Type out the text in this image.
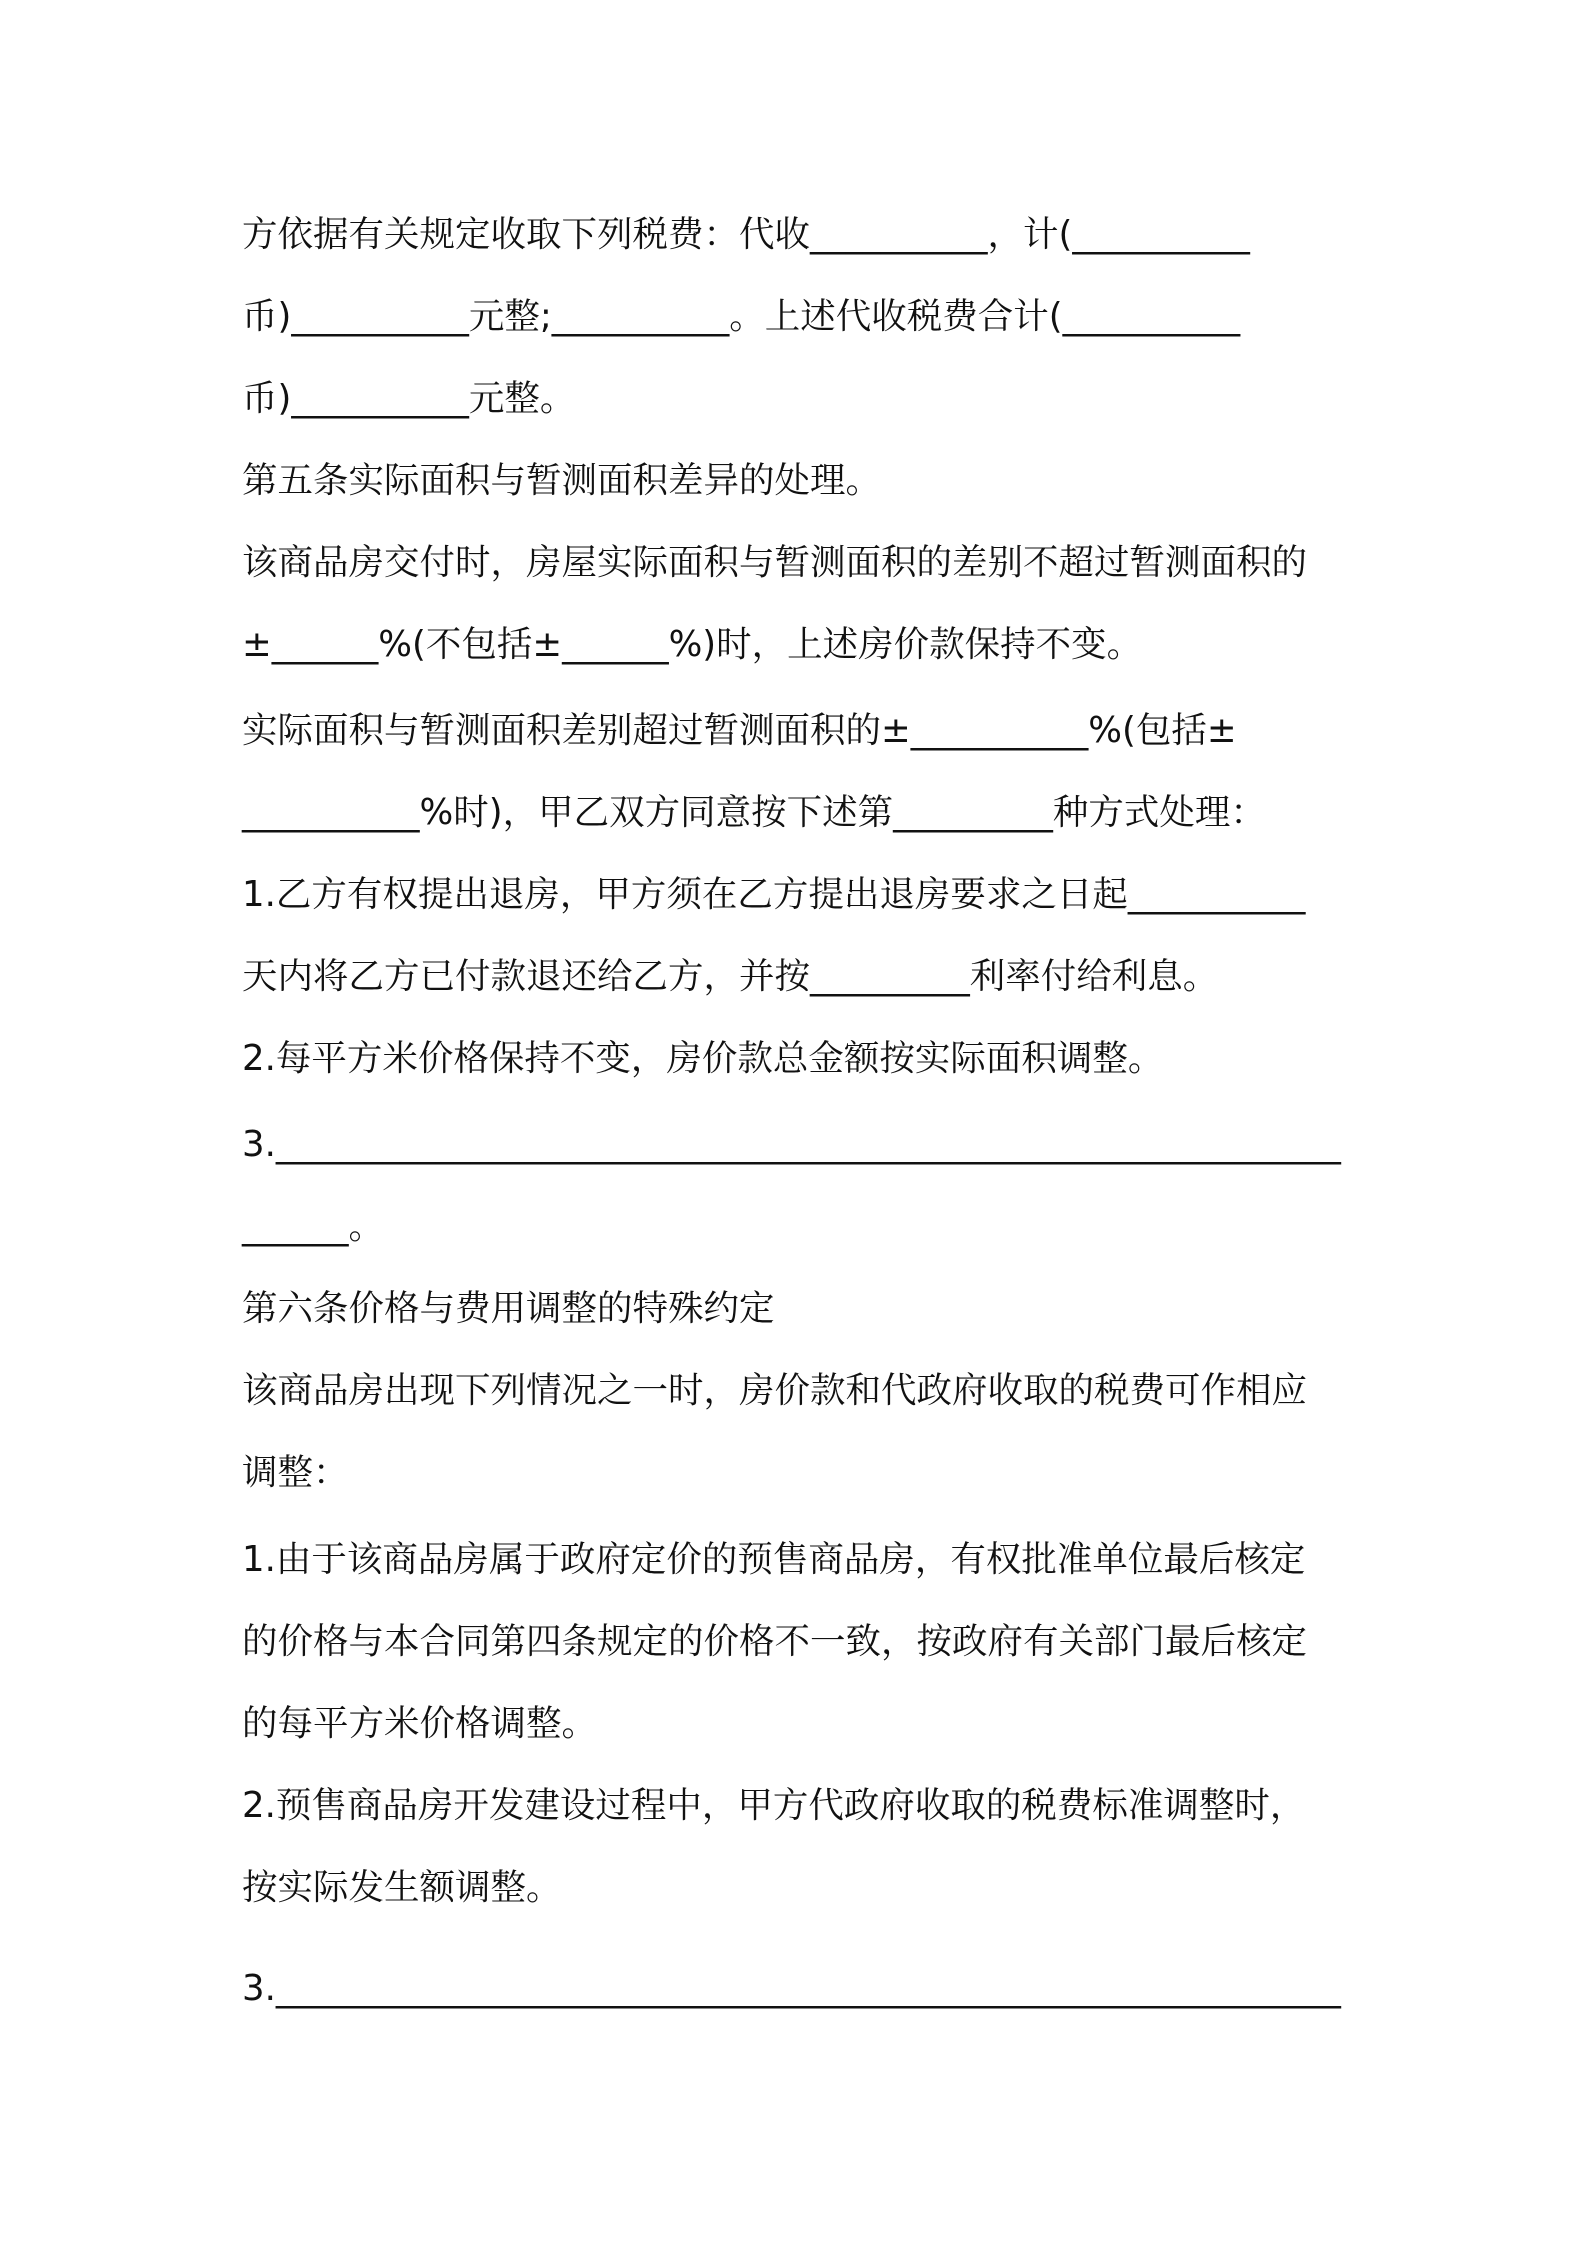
方依据有关规定收取下列税费：代收__________，计(__________

币)__________元整;__________。上述代收税费合计(__________

币)__________元整。

第五条实际面积与暂测面积差异的处理。

该商品房交付时，房屋实际面积与暂测面积的差别不超过暂测面积的

±______%(不包括±______%)时，上述房价款保持不变。

实际面积与暂测面积差别超过暂测面积的±__________%(包括±

__________%时)，甲乙双方同意按下述第_________种方式处理：

1.乙方有权提出退房，甲方须在乙方提出退房要求之日起__________

天内将乙方已付款退还给乙方，并按_________利率付给利息。

2.每平方米价格保持不变，房价款总金额按实际面积调整。

3.____________________________________________________________

______。

第六条价格与费用调整的特殊约定

该商品房出现下列情况之一时，房价款和代政府收取的税费可作相应

调整：

1.由于该商品房属于政府定价的预售商品房，有权批准单位最后核定

的价格与本合同第四条规定的价格不一致，按政府有关部门最后核定

的每平方米价格调整。

2.预售商品房开发建设过程中，甲方代政府收取的税费标准调整时，

按实际发生额调整。

3.____________________________________________________________
